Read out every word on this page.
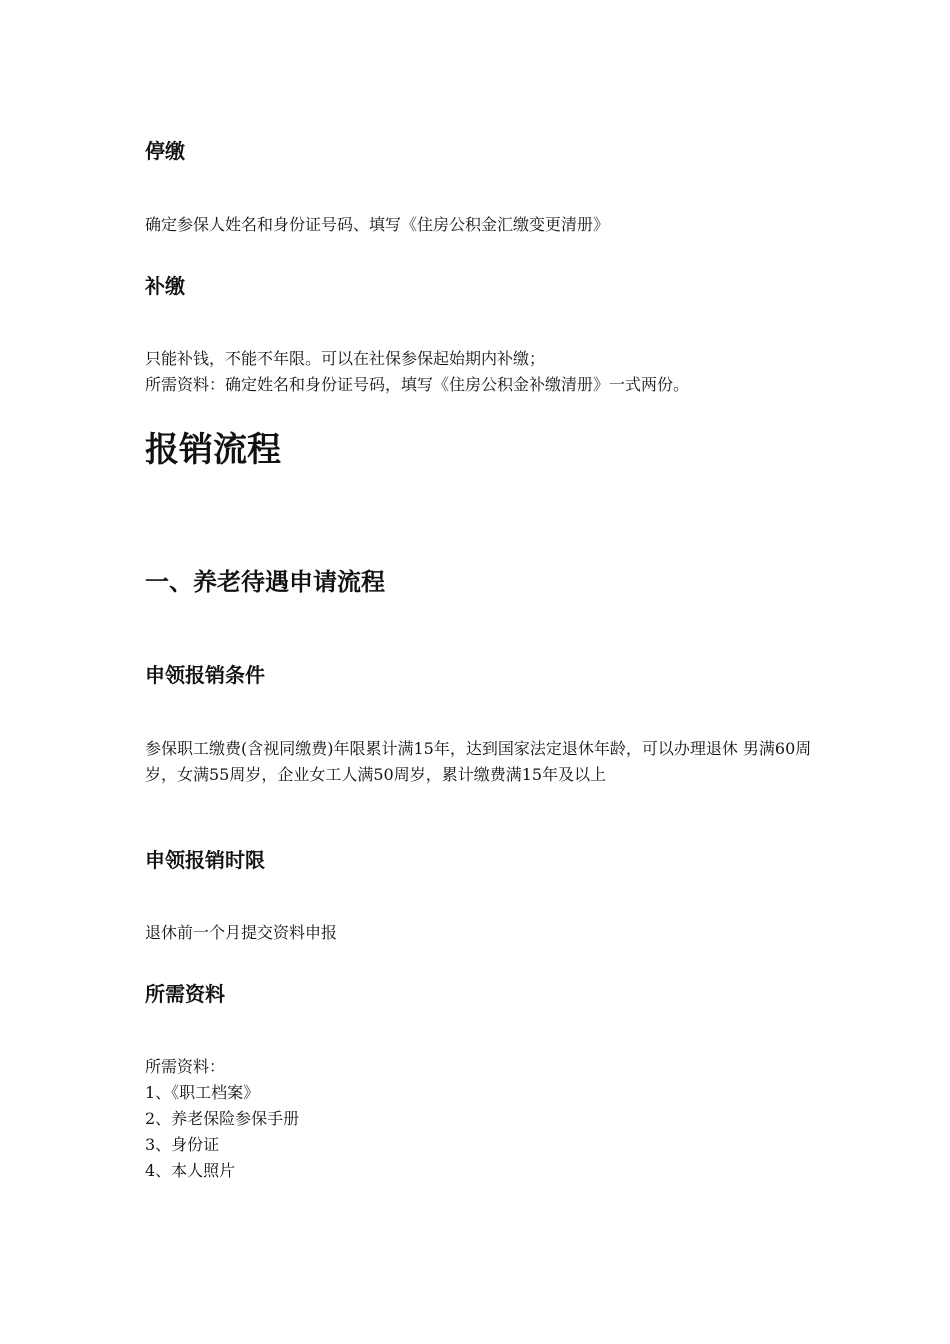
停缴

确定参保人姓名和身份证号码、填写《住房公积金汇缴变更清册》

补缴

只能补钱，不能不年限。可以在社保参保起始期内补缴；
所需资料：确定姓名和身份证号码，填写《住房公积金补缴清册》一式两份。

报销流程
一、养老待遇申请流程
申领报销条件

参保职工缴费(含视同缴费)年限累计满15年，达到国家法定退休年龄，可以办理退休 男满60周岁，女满55周岁，企业女工人满50周岁，累计缴费满15年及以上

申领报销时限

退休前一个月提交资料申报

所需资料

所需资料：
1、《职工档案》
2、养老保险参保手册
3、身份证
4、本人照片
